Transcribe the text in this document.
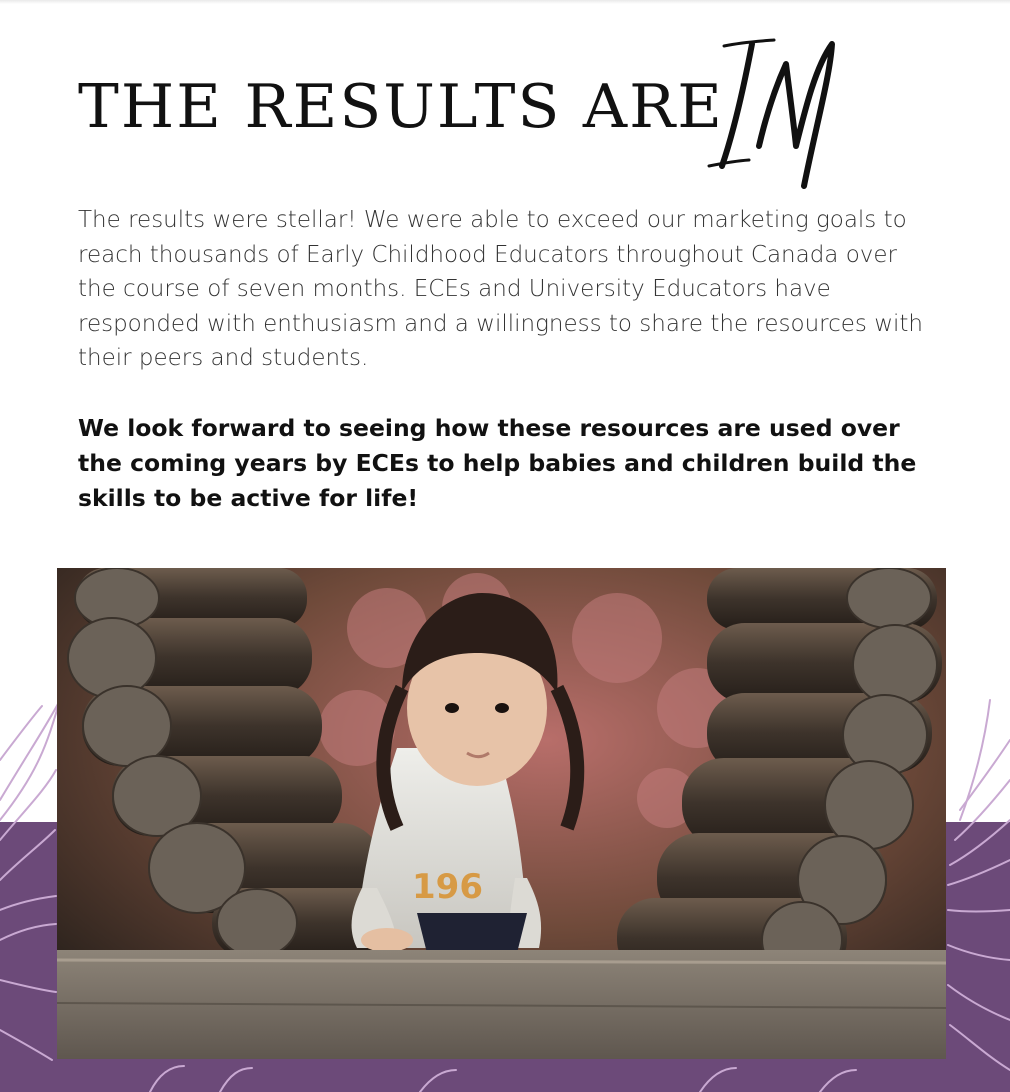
THE RESULTS ARE

The results were stellar! We were able to exceed our marketing goals to reach thousands of Early Childhood Educators throughout Canada over the course of seven months. ECEs and University Educators have responded with enthusiasm and a willingness to share the resources with their peers and students.

We look forward to seeing how these resources are used over the coming years by ECEs to help babies and children build the skills to be active for life!

196
